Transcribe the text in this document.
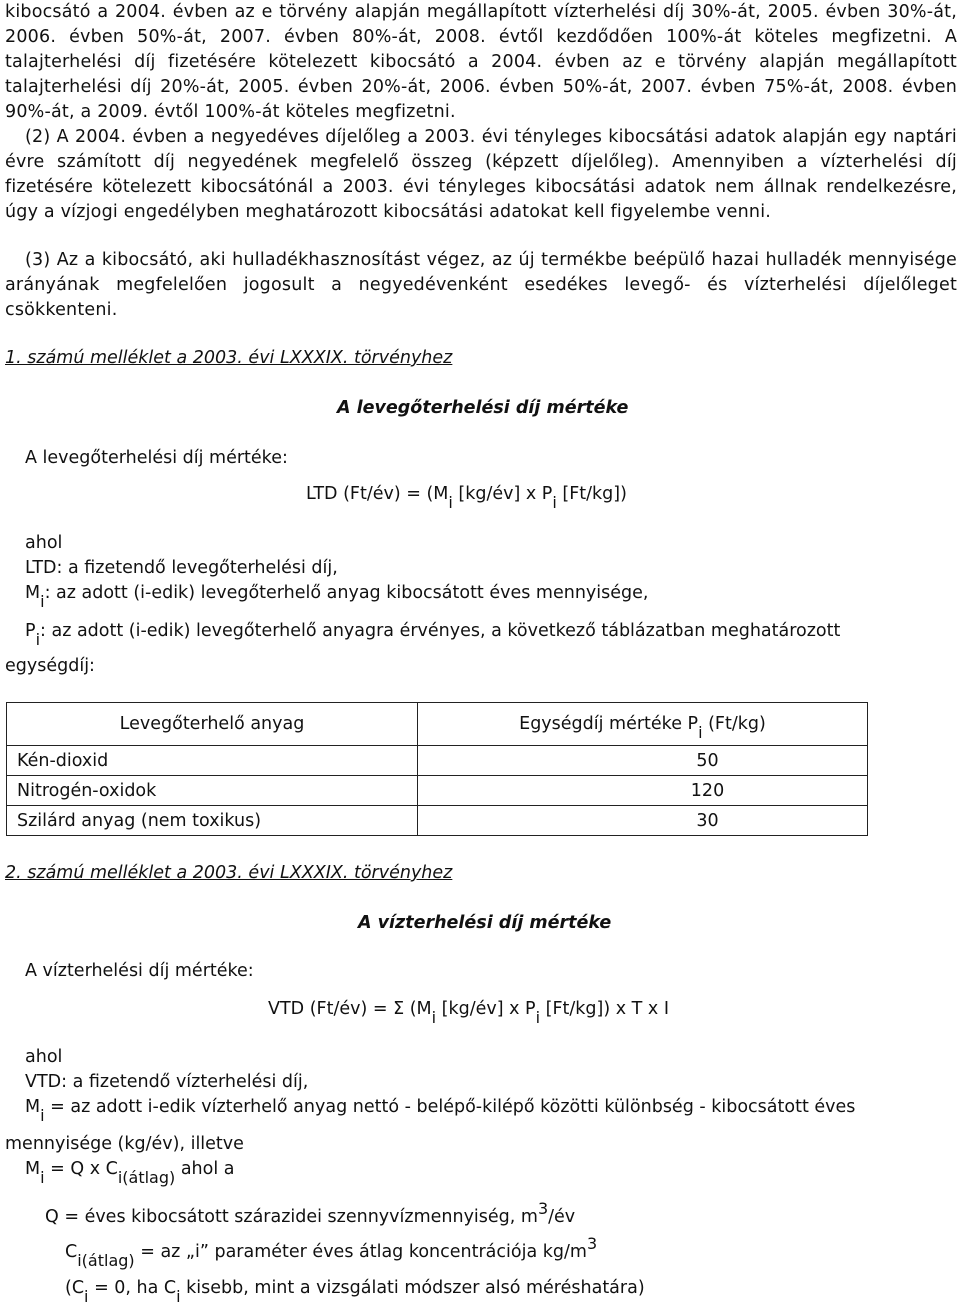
kibocsátó a 2004. évben az e törvény alapján megállapított vízterhelési díj 30%-át, 2005. évben 30%-át, 2006. évben 50%-át, 2007. évben 80%-át, 2008. évtől kezdődően 100%-át köteles megfizetni. A talajterhelési díj fizetésére kötelezett kibocsátó a 2004. évben az e törvény alapján megállapított talajterhelési díj 20%-át, 2005. évben 20%-át, 2006. évben 50%-át, 2007. évben 75%-át, 2008. évben 90%-át, a 2009. évtől 100%-át köteles megfizetni.

(2) A 2004. évben a negyedéves díjelőleg a 2003. évi tényleges kibocsátási adatok alapján egy naptári évre számított díj negyedének megfelelő összeg (képzett díjelőleg). Amennyiben a vízterhelési díj fizetésére kötelezett kibocsátónál a 2003. évi tényleges kibocsátási adatok nem állnak rendelkezésre, úgy a vízjogi engedélyben meghatározott kibocsátási adatokat kell figyelembe venni.

(3) Az a kibocsátó, aki hulladékhasznosítást végez, az új termékbe beépülő hazai hulladék mennyisége arányának megfelelően jogosult a negyedévenként esedékes levegő- és vízterhelési díjelőleget csökkenteni.

1. számú melléklet a 2003. évi LXXXIX. törvényhez

A levegőterhelési díj mértéke

A levegőterhelési díj mértéke:

LTD (Ft/év) = ($M_i$ [kg/év] x $P_i$ [Ft/kg])

ahol

LTD: a fizetendő levegőterhelési díj,

$M_i$: az adott (i-edik) levegőterhelő anyag kibocsátott éves mennyisége,

$P_i$: az adott (i-edik) levegőterhelő anyagra érvényes, a következő táblázatban meghatározott

egységdíj:

Levegőterhelő anyag	Egységdíj mértéke $P_i$ (Ft/kg)
Kén-dioxid	50
Nitrogén-oxidok	120
Szilárd anyag (nem toxikus)	30
2. számú melléklet a 2003. évi LXXXIX. törvényhez

A vízterhelési díj mértéke

A vízterhelési díj mértéke:

VTD (Ft/év) = Σ ($M_i$ [kg/év] x $P_i$ [Ft/kg]) x T x I

ahol

VTD: a fizetendő vízterhelési díj,

$M_i$ = az adott i-edik vízterhelő anyag nettó - belépő-kilépő közötti különbség - kibocsátott éves

mennyisége (kg/év), illetve

$M_i = Q$ x $C_{i(átlag)}$ ahol a

Q = éves kibocsátott szárazidei szennyvízmennyiség, $m^3/év$

$C_{i(átlag)}$ = az „i” paraméter éves átlag koncentrációja $kg/m^3$

($C_i = 0$, ha $C_i$ kisebb, mint a vizsgálati módszer alsó méréshatára)
